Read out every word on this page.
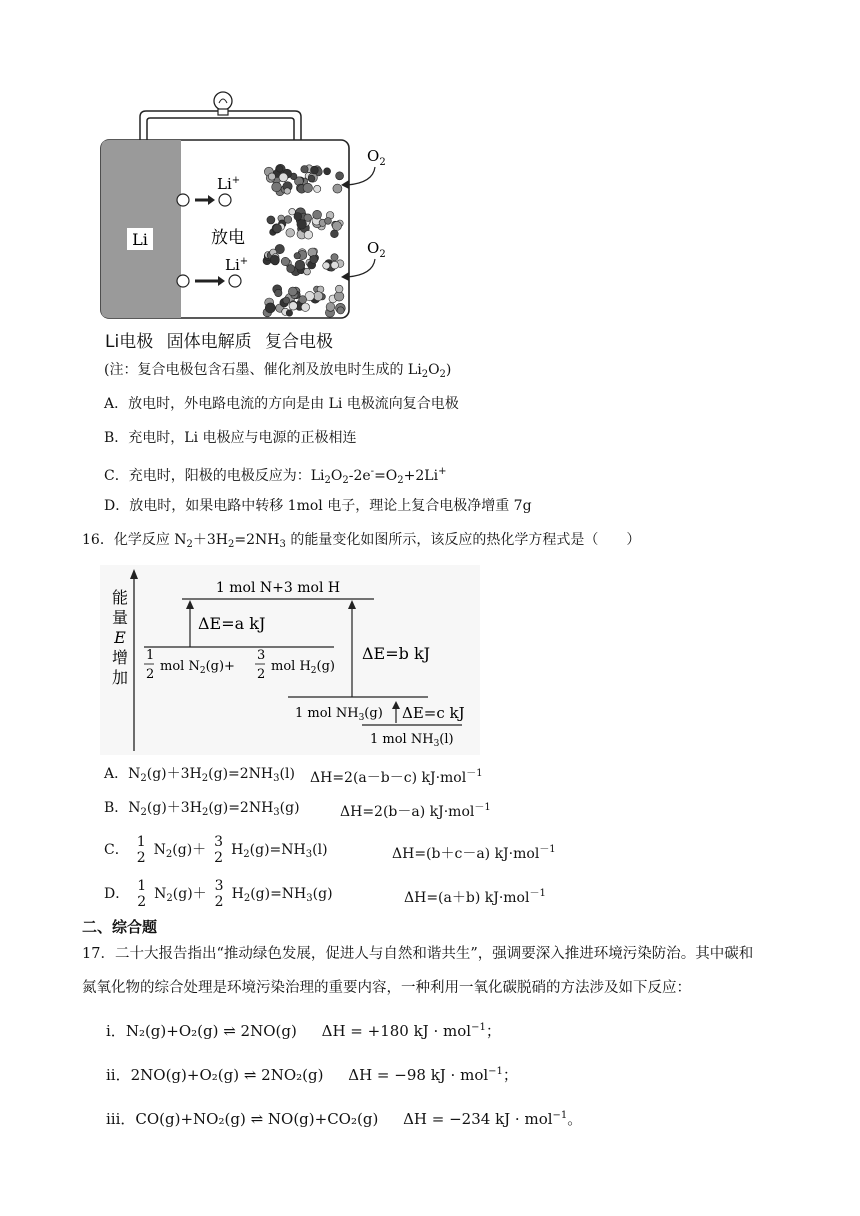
Li
Li+
放电
Li+
$O_2$
$O_2$
Li电极 固体电解质 复合电极
(注：复合电极包含石墨、催化剂及放电时生成的 $Li_2O_2$)
A．放电时，外电路电流的方向是由 Li 电极流向复合电极
B．充电时，Li 电极应与电源的正极相连
C．充电时，阳极的电极反应为：$Li_2O_2-2e^-=O_2+2Li^+$
D．放电时，如果电路中转移 1mol 电子，理论上复合电极净增重 7g
16．化学反应 $N_2+3H_2=2NH_3$ 的能量变化如图所示，该反应的热化学方程式是（　　）
能
量
E
增
加
1 mol N+3 mol H
ΔE=a kJ
1
2
mol $N_2(g)+$
3
2
mol $H_2(g)$
ΔE=b kJ
1 mol $NH_3(g)$ ΔE=c kJ
1 mol $NH_3(l)$
A．$N_2(g)+3H_2(g)=2NH_3(l)$ ΔH=2(a－b－c) kJ·mol$^{-1}$
B．$N_2(g)+3H_2(g)=2NH_3(g)$	ΔH=2(b－a) kJ·mol$^{-1}$
C． 1
2 $N_2(g)+ 3$
2 $H_2(g)=NH_3(l)$	ΔH=(b＋c－a) kJ·mol$^{-1}$
D． 1
2 $N_2(g)+ 3$
2 $H_2(g)=NH_3(g)$	ΔH=(a＋b) kJ·mol$^{-1}$
二、综合题
17．二十大报告指出“推动绿色发展，促进人与自然和谐共生”，强调要深入推进环境污染防治。其中碳和
氮氧化物的综合处理是环境污染治理的重要内容，一种利用一氧化碳脱硝的方法涉及如下反应：
i．N₂(g)+O₂(g) ⇌ 2NO(g) ΔH = +180 kJ · mol$^{-1}$；
ii．2NO(g)+O₂(g) ⇌ 2NO₂(g) ΔH = −98 kJ · mol$^{-1}$；
iii．CO(g)+NO₂(g) ⇌ NO(g)+CO₂(g) ΔH = −234 kJ · mol$^{-1}$。
